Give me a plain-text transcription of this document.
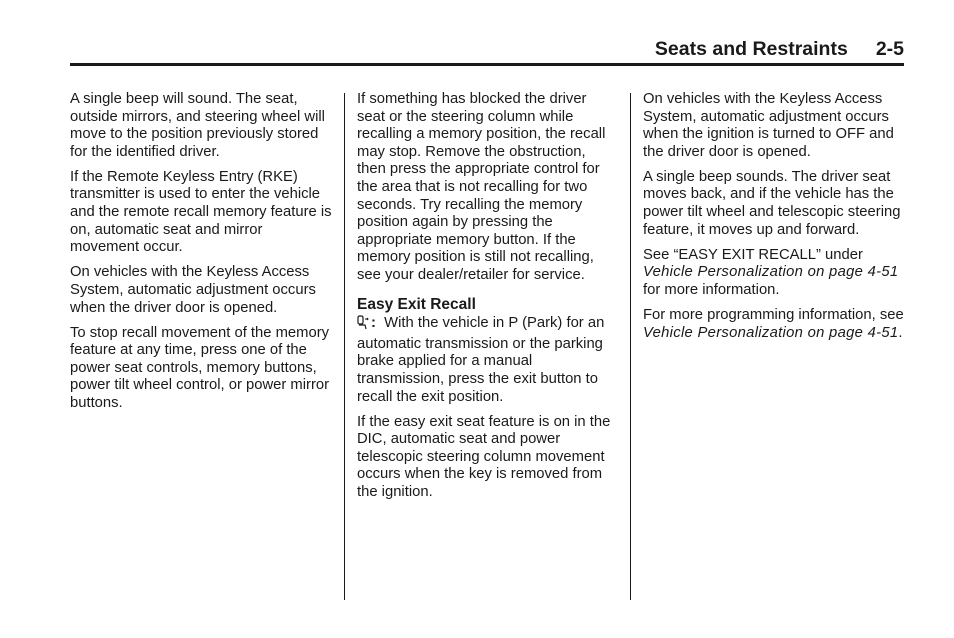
Seats and Restraints 2-5

A single beep will sound. The seat, outside mirrors, and steering wheel will move to the position previously stored for the identified driver.

If the Remote Keyless Entry (RKE) transmitter is used to enter the vehicle and the remote recall memory feature is on, automatic seat and mirror movement occur.

On vehicles with the Keyless Access System, automatic adjustment occurs when the driver door is opened.

To stop recall movement of the memory feature at any time, press one of the power seat controls, memory buttons, power tilt wheel control, or power mirror buttons.

If something has blocked the driver seat or the steering column while recalling a memory position, the recall may stop. Remove the obstruction, then press the appropriate control for the area that is not recalling for two seconds. Try recalling the memory position again by pressing the appropriate memory button. If the memory position is still not recalling, see your dealer/retailer for service.

Easy Exit Recall

: With the vehicle in P (Park) for an automatic transmission or the parking brake applied for a manual transmission, press the exit button to recall the exit position.

If the easy exit seat feature is on in the DIC, automatic seat and power telescopic steering column movement occurs when the key is removed from the ignition.

On vehicles with the Keyless Access System, automatic adjustment occurs when the ignition is turned to OFF and the driver door is opened.

A single beep sounds. The driver seat moves back, and if the vehicle has the power tilt wheel and telescopic steering feature, it moves up and forward.

See “EASY EXIT RECALL” under Vehicle Personalization on page 4-51 for more information.

For more programming information, see Vehicle Personalization on page 4-51.
